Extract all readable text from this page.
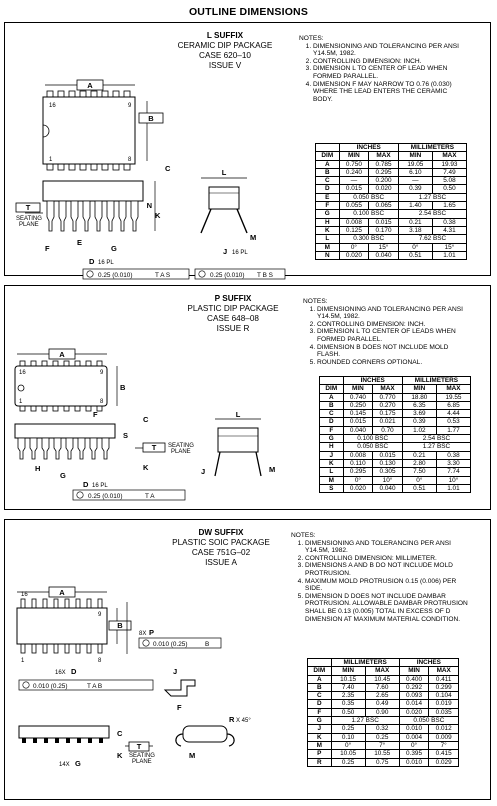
OUTLINE DIMENSIONS
L SUFFIX
CERAMIC DIP PACKAGE
CASE 620–10
ISSUE V
A
16	9
1	8
B
T
SEATING
PLANE
C
K
N
F
E
G
D 16 PL
L
M
J 16 PL
0.25 (0.010)	T A S	0.25 (0.010) T B S
NOTES:
1. DIMENSIONING AND TOLERANCING PER ANSI Y14.5M, 1982.
2. CONTROLLING DIMENSION: INCH.
3. DIMENSION L TO CENTER OF LEAD WHEN FORMED PARALLEL.
4. DIMENSION F MAY NARROW TO 0.76 (0.030) WHERE THE LEAD ENTERS THE CERAMIC BODY.
	INCHES		MILLIMETERS	
DIM	MIN	MAX	MIN	MAX
A	0.750	0.785	19.05	19.93
B	0.240	0.295	6.10	7.49
C	—	0.200	—	5.08
D	0.015	0.020	0.39	0.50
E	0.050 BSC		1.27 BSC	
F	0.055	0.065	1.40	1.65
G	0.100 BSC		2.54 BSC	
H	0.008	0.015	0.21	0.38
K	0.125	0.170	3.18	4.31
L	0.300 BSC		7.62 BSC	
M	0°	15°	0°	15°
N	0.020	0.040	0.51	1.01
P SUFFIX
PLASTIC DIP PACKAGE
CASE 648–08
ISSUE R
A
16	9
1	8
B
F
C
S
T SEATING
PLANE
K
H
G
D 16 PL
0.25 (0.010)	T A
L
J	M
NOTES:
1. DIMENSIONING AND TOLERANCING PER ANSI Y14.5M, 1982.
2. CONTROLLING DIMENSION: INCH.
3. DIMENSION L TO CENTER OF LEADS WHEN FORMED PARALLEL.
4. DIMENSION B DOES NOT INCLUDE MOLD FLASH.
5. ROUNDED CORNERS OPTIONAL.
	INCHES		MILLIMETERS	
DIM	MIN	MAX	MIN	MAX
A	0.740	0.770	18.80	19.55
B	0.250	0.270	6.35	6.85
C	0.145	0.175	3.69	4.44
D	0.015	0.021	0.39	0.53
F	0.040	0.70	1.02	1.77
G	0.100 BSC		2.54 BSC	
H	0.050 BSC		1.27 BSC	
J	0.008	0.015	0.21	0.38
K	0.110	0.130	2.80	3.30
L	0.295	0.305	7.50	7.74
M	0°	10°	0°	10°
S	0.020	0.040	0.51	1.01
DW SUFFIX
PLASTIC SOIC PACKAGE
CASE 751G–02
ISSUE A
A
16
9
1	8
B
8X P
0.010 (0.25)	B
16X D
0.010 (0.25)	T A B
C
T
SEATING
PLANE
K
14X G
J
F
R X 45°
M
NOTES:
1. DIMENSIONING AND TOLERANCING PER ANSI Y14.5M, 1982.
2. CONTROLLING DIMENSION: MILLIMETER.
3. DIMENSIONS A AND B DO NOT INCLUDE MOLD PROTRUSION.
4. MAXIMUM MOLD PROTRUSION 0.15 (0.006) PER SIDE.
5. DIMENSION D DOES NOT INCLUDE DAMBAR PROTRUSION. ALLOWABLE DAMBAR PROTRUSION SHALL BE 0.13 (0.005) TOTAL IN EXCESS OF D DIMENSION AT MAXIMUM MATERIAL CONDITION.
	MILLIMETERS		INCHES	
DIM	MIN	MAX	MIN	MAX
A	10.15	10.45	0.400	0.411
B	7.40	7.60	0.292	0.299
C	2.35	2.65	0.093	0.104
D	0.35	0.49	0.014	0.019
F	0.50	0.90	0.020	0.035
G	1.27 BSC		0.050 BSC	
J	0.25	0.32	0.010	0.012
K	0.10	0.25	0.004	0.009
M	0°	7°	0°	7°
P	10.05	10.55	0.395	0.415
R	0.25	0.75	0.010	0.029
